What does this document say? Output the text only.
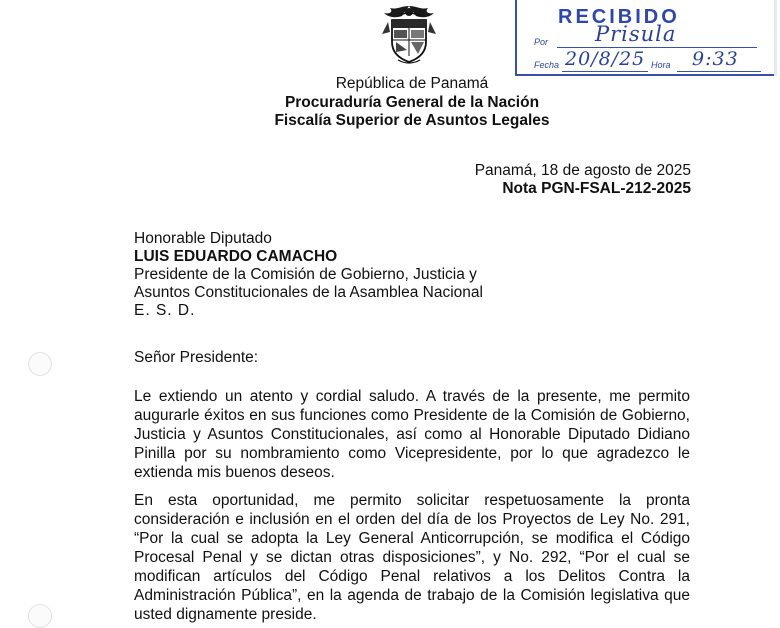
RECIBIDO
Por Prisula
Fecha 20/8/25 Hora 9:33
República de Panamá
Procuraduría General de la Nación
Fiscalía Superior de Asuntos Legales
Panamá, 18 de agosto de 2025
Nota PGN-FSAL-212-2025
Honorable Diputado
LUIS EDUARDO CAMACHO
Presidente de la Comisión de Gobierno, Justicia y
Asuntos Constitucionales de la Asamblea Nacional
E. S. D.
Señor Presidente:

Le extiendo un atento y cordial saludo. A través de la presente, me permito augurarle éxitos en sus funciones como Presidente de la Comisión de Gobierno, Justicia y Asuntos Constitucionales, así como al Honorable Diputado Didiano Pinilla por su nombramiento como Vicepresidente, por lo que agradezco le extienda mis buenos deseos.

En esta oportunidad, me permito solicitar respetuosamente la pronta consideración e inclusión en el orden del día de los Proyectos de Ley No. 291, “Por la cual se adopta la Ley General Anticorrupción, se modifica el Código Procesal Penal y se dictan otras disposiciones”, y No. 292, “Por el cual se modifican artículos del Código Penal relativos a los Delitos Contra la Administración Pública”, en la agenda de trabajo de la Comisión legislativa que usted dignamente preside.
